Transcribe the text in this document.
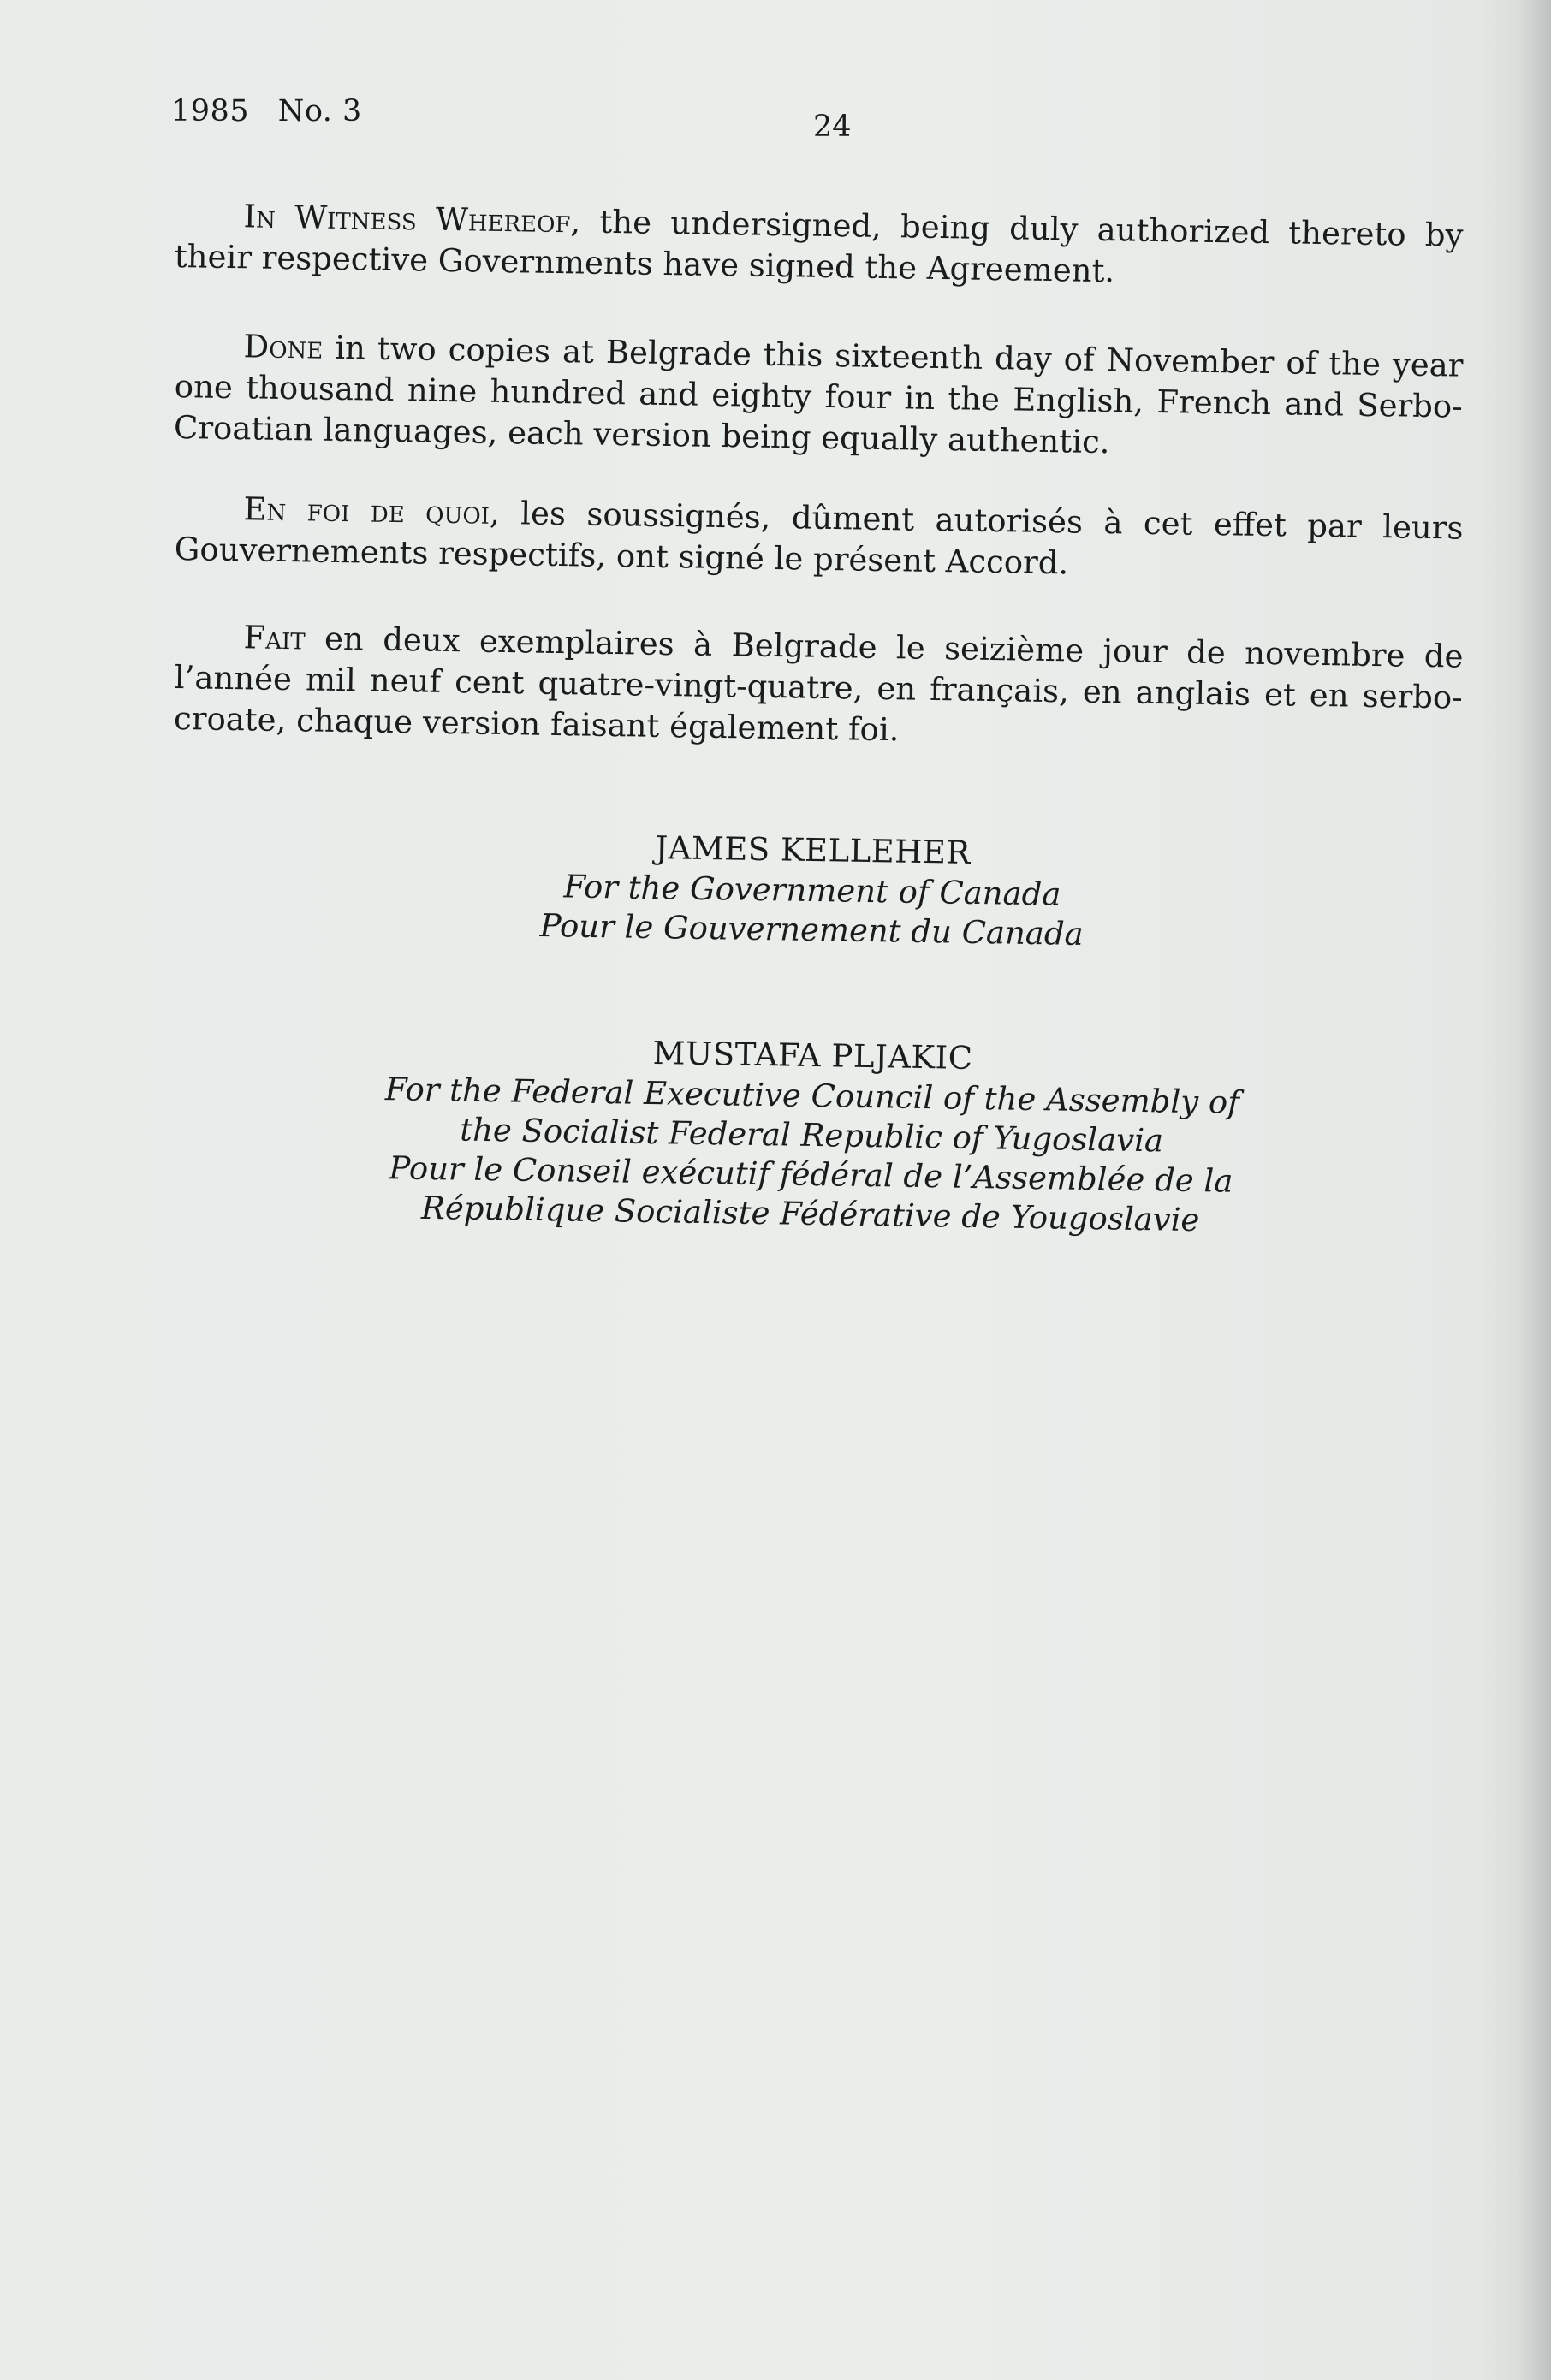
1985 No. 3	24

In Witness Whereof, the undersigned, being duly authorized thereto by their respective Governments have signed the Agreement.

Done in two copies at Belgrade this sixteenth day of November of the year one thousand nine hundred and eighty four in the English, French and Serbo-Croatian languages, each version being equally authentic.

En foi de quoi, les soussignés, dûment autorisés à cet effet par leurs Gouvernements respectifs, ont signé le présent Accord.

Fait en deux exemplaires à Belgrade le seizième jour de novembre de l’année mil neuf cent quatre-vingt-quatre, en français, en anglais et en serbo-croate, chaque version faisant également foi.

JAMES KELLEHER
For the Government of Canada
Pour le Gouvernement du Canada
MUSTAFA PLJAKIC
For the Federal Executive Council of the Assembly of
the Socialist Federal Republic of Yugoslavia
Pour le Conseil exécutif fédéral de l’Assemblée de la
République Socialiste Fédérative de Yougoslavie
